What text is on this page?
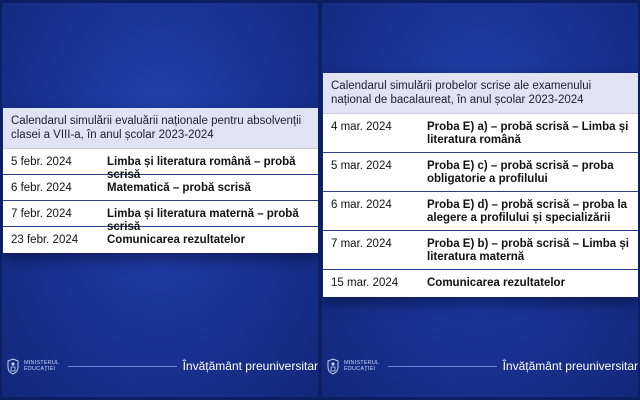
Calendarul simulării evaluării naționale pentru absolvenții clasei a VIII-a, în anul școlar 2023-2024
5 febr. 2024	Limba și literatura română – probă scrisă
6 febr. 2024	Matematică – probă scrisă
7 febr. 2024	Limba și literatura maternă – probă scrisă
23 febr. 2024	Comunicarea rezultatelor
MINISTERUL EDUCAȚIEI	Învățământ preuniversitar
Calendarul simulării probelor scrise ale examenului național de bacalaureat, în anul școlar 2023-2024
4 mar. 2024	Proba E) a) – probă scrisă – Limba și literatura română
5 mar. 2024	Proba E) c) – probă scrisă – proba obligatorie a profilului
6 mar. 2024	Proba E) d) – probă scrisă – proba la alegere a profilului și specializării
7 mar. 2024	Proba E) b) – probă scrisă – Limba și literatura maternă
15 mar. 2024	Comunicarea rezultatelor
MINISTERUL EDUCAȚIEI	Învățământ preuniversitar
